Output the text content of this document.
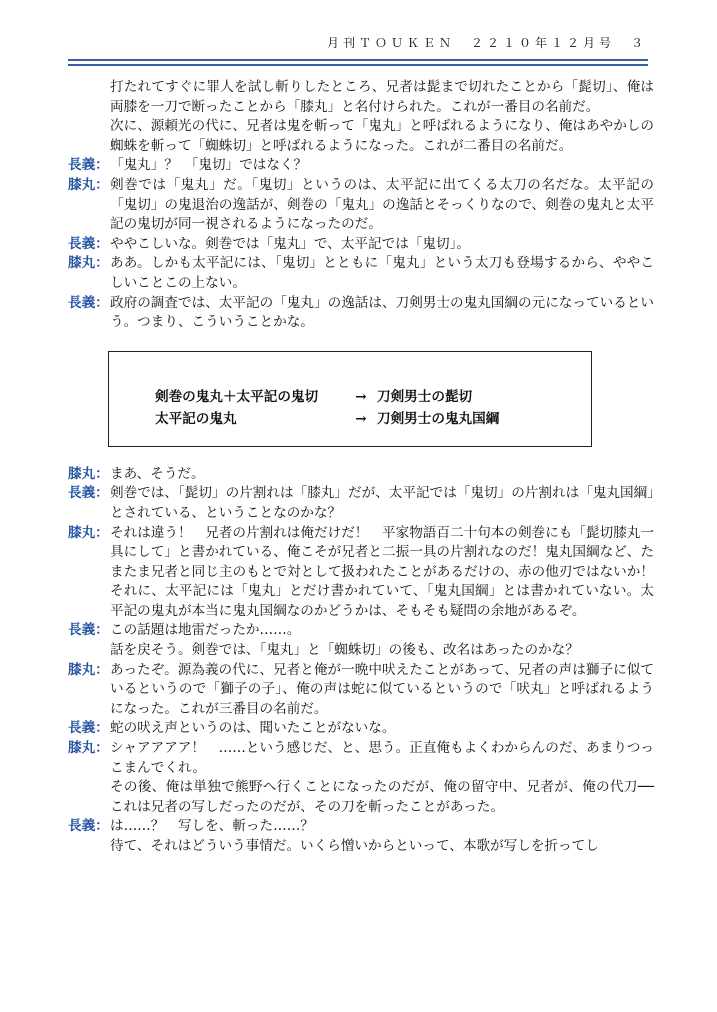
月刊ＴＯＵＫＥＮ　２２１０年１２月号　３
打たれてすぐに罪人を試し斬りしたところ、兄者は髭まで切れたことから「髭切」、俺は両膝を一刀で断ったことから「膝丸」と名付けられた。これが一番目の名前だ。
次に、源頼光の代に、兄者は鬼を斬って「鬼丸」と呼ばれるようになり、俺はあやかしの蜘蛛を斬って「蜘蛛切」と呼ばれるようになった。これが二番目の名前だ。
長義： 「鬼丸」？　「鬼切」ではなく？
膝丸： 剣巻では「鬼丸」だ。「鬼切」というのは、太平記に出てくる太刀の名だな。太平記の「鬼切」の鬼退治の逸話が、剣巻の「鬼丸」の逸話とそっくりなので、剣巻の鬼丸と太平記の鬼切が同一視されるようになったのだ。
長義： ややこしいな。剣巻では「鬼丸」で、太平記では「鬼切」。
膝丸： ああ。しかも太平記には、「鬼切」とともに「鬼丸」という太刀も登場するから、ややこしいことこの上ない。
長義： 政府の調査では、太平記の「鬼丸」の逸話は、刀剣男士の鬼丸国綱の元になっているという。つまり、こういうことかな。
剣巻の鬼丸＋太平記の鬼切	→ 刀剣男士の髭切
太平記の鬼丸	→ 刀剣男士の鬼丸国綱
膝丸： まあ、そうだ。
長義： 剣巻では、「髭切」の片割れは「膝丸」だが、太平記では「鬼切」の片割れは「鬼丸国綱」とされている、ということなのかな？
膝丸： それは違う！　兄者の片割れは俺だけだ！　平家物語百二十句本の剣巻にも「髭切膝丸一具にして」と書かれている、俺こそが兄者と二振一具の片割れなのだ！鬼丸国綱など、たまたま兄者と同じ主のもとで対として扱われたことがあるだけの、赤の他刃ではないか！　それに、太平記には「鬼丸」とだけ書かれていて、「鬼丸国綱」とは書かれていない。太平記の鬼丸が本当に鬼丸国綱なのかどうかは、そもそも疑問の余地があるぞ。
長義： この話題は地雷だったか……。
話を戻そう。剣巻では、「鬼丸」と「蜘蛛切」の後も、改名はあったのかな？
膝丸： あったぞ。源為義の代に、兄者と俺が一晩中吠えたことがあって、兄者の声は獅子に似ているというので「獅子の子」、俺の声は蛇に似ているというので「吠丸」と呼ばれるようになった。これが三番目の名前だ。
長義： 蛇の吠え声というのは、聞いたことがないな。
膝丸： シャアアアア！　……という感じだ、と、思う。正直俺もよくわからんのだ、あまりつっこまんでくれ。
その後、俺は単独で熊野へ行くことになったのだが、俺の留守中、兄者が、俺の代刀──これは兄者の写しだったのだが、その刀を斬ったことがあった。
長義： は……？　写しを、斬った……？
待て、それはどういう事情だ。いくら憎いからといって、本歌が写しを折ってし
